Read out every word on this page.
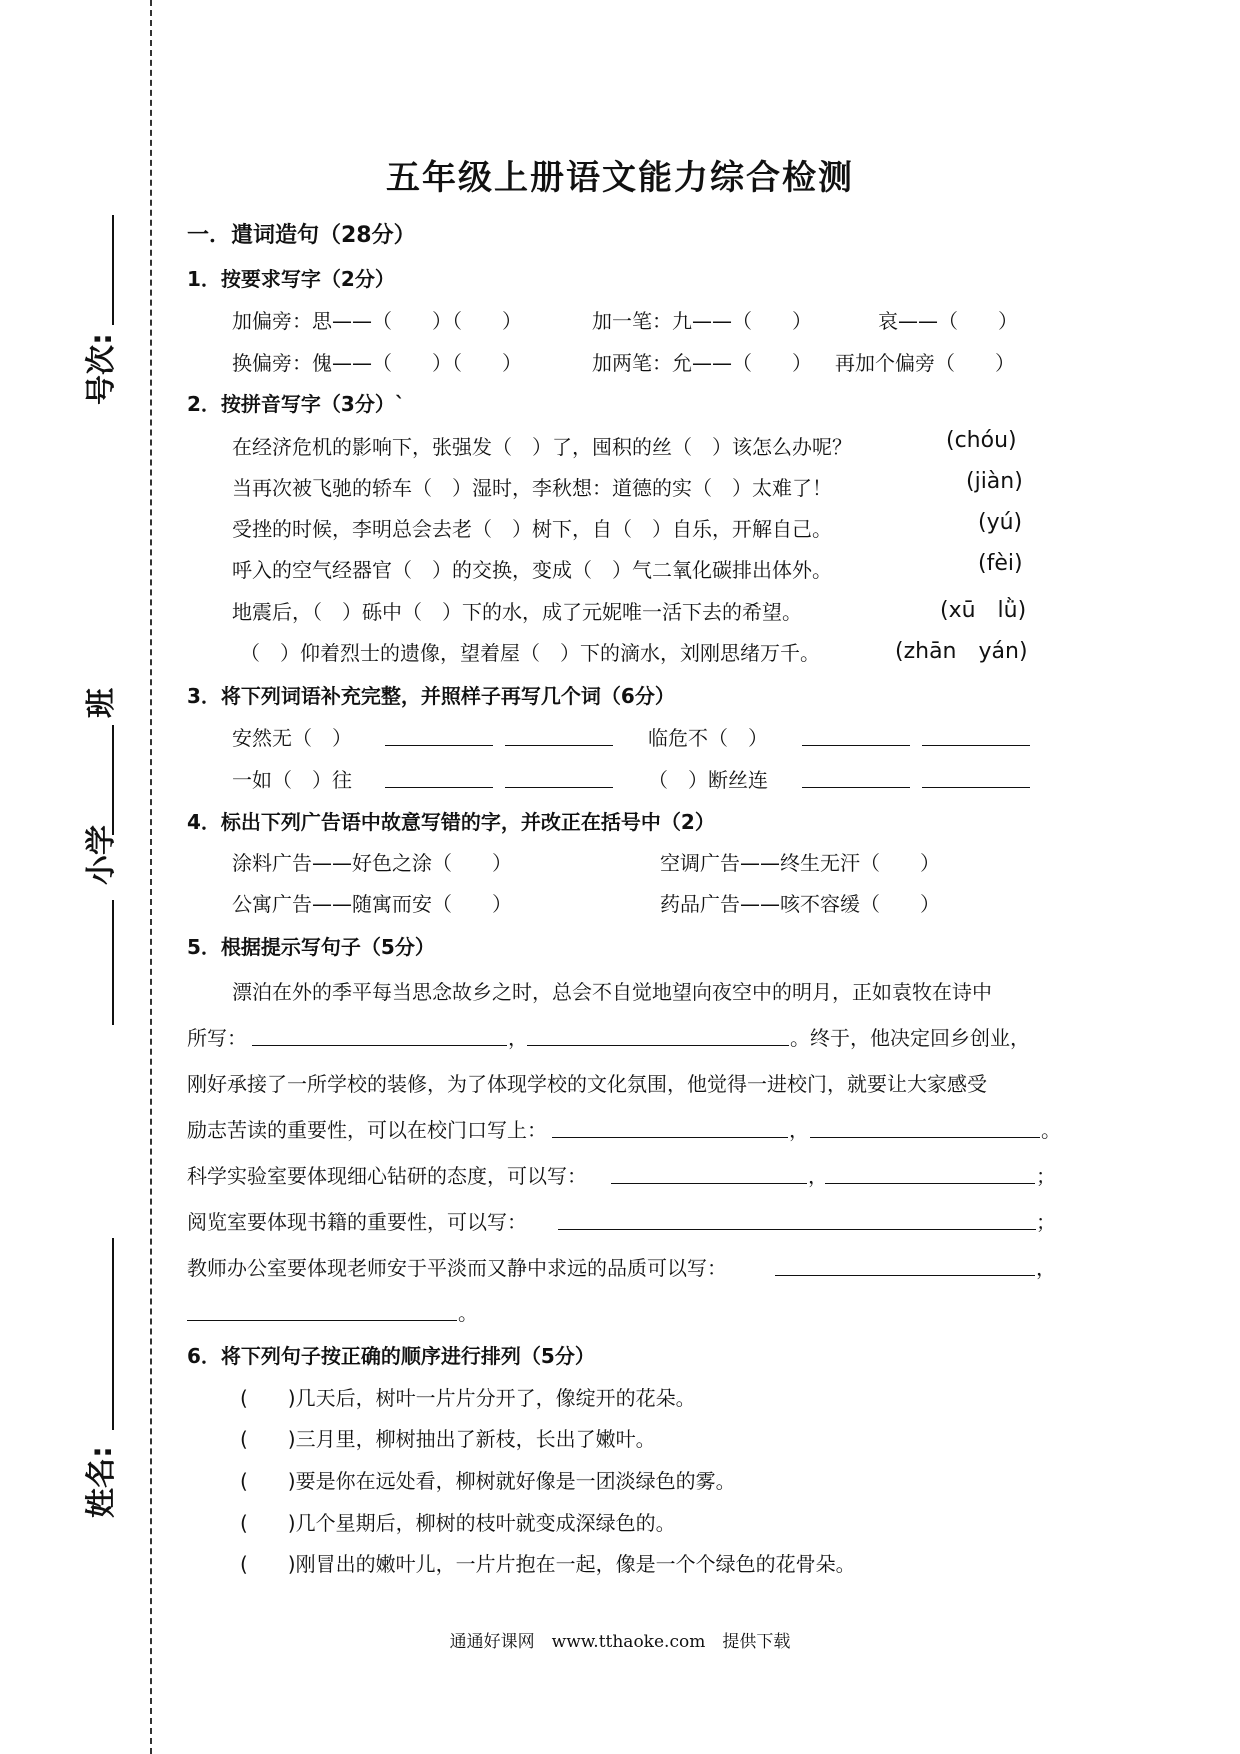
号次:
班
小学
姓名:
五年级上册语文能力综合检测
一．遣词造句（28分）
1．按要求写字（2分）
加偏旁：思——（　　）（　　）	加一笔：九——（　　）	哀——（　　）
换偏旁：傀——（　　）（　　）	加两笔：允——（　　） 再加个偏旁（　　）
2．按拼音写字（3分）`
在经济危机的影响下，张强发（　）了，囤积的丝（　）该怎么办呢？	(chóu)
当再次被飞驰的轿车（　）湿时，李秋想：道德的实（　）太难了！	(jiàn)
受挫的时候，李明总会去老（　）树下，自（　）自乐，开解自己。	(yú)
呼入的空气经器官（　）的交换，变成（　）气二氧化碳排出体外。	(fèi)
地震后，（　）砾中（　）下的水，成了元妮唯一活下去的希望。	(xū　lǜ)
（　）仰着烈士的遗像，望着屋（　）下的滴水，刘刚思绪万千。	(zhān　yán)
3．将下列词语补充完整，并照样子再写几个词（6分）
安然无（　）	临危不（　）
一如（　）往	（　）断丝连
4．标出下列广告语中故意写错的字，并改正在括号中（2）
涂料广告——好色之涂（　　）	空调广告——终生无汗（　　）
公寓广告——随寓而安（　　）	药品广告——咳不容缓（　　）
5．根据提示写句子（5分）
漂泊在外的季平每当思念故乡之时，总会不自觉地望向夜空中的明月，正如袁牧在诗中
所写：	，	。终于，他决定回乡创业，
刚好承接了一所学校的装修，为了体现学校的文化氛围，他觉得一进校门，就要让大家感受
励志苦读的重要性，可以在校门口写上：	，	。
科学实验室要体现细心钻研的态度，可以写：	，	；
阅览室要体现书籍的重要性，可以写：	；
教师办公室要体现老师安于平淡而又静中求远的品质可以写：	，
。
6．将下列句子按正确的顺序进行排列（5分）
(　　)几天后，树叶一片片分开了，像绽开的花朵。
(　　)三月里，柳树抽出了新枝，长出了嫩叶。
(　　)要是你在远处看，柳树就好像是一团淡绿色的雾。
(　　)几个星期后，柳树的枝叶就变成深绿色的。
(　　)刚冒出的嫩叶儿，一片片抱在一起，像是一个个绿色的花骨朵。
通通好课网　www.tthaoke.com　提供下载
